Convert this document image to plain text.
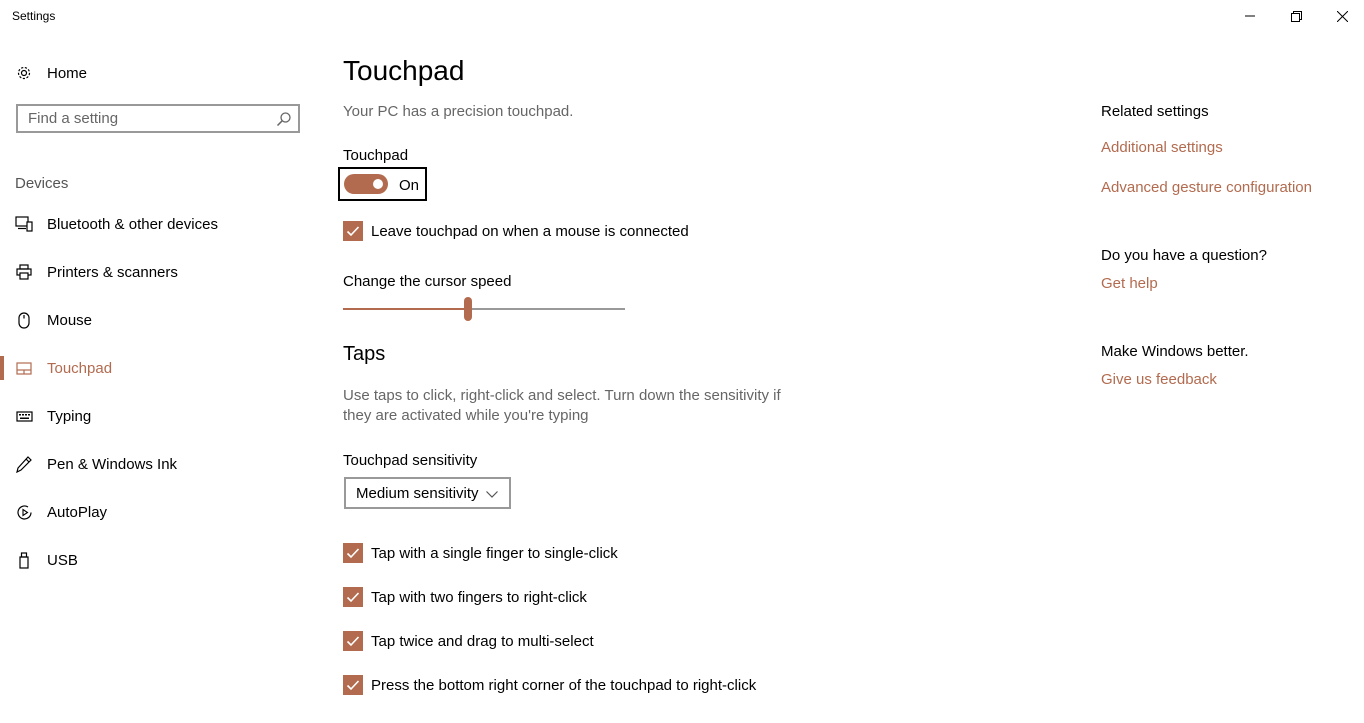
Settings
Home
Find a setting
Devices
Bluetooth & other devices
Printers & scanners
Mouse
Touchpad
Typing
Pen & Windows Ink
AutoPlay
USB
Touchpad
Your PC has a precision touchpad.
Touchpad
On
Leave touchpad on when a mouse is connected
Change the cursor speed
Taps
Use taps to click, right-click and select. Turn down the sensitivity if they are activated while you're typing
Touchpad sensitivity
Medium sensitivity
Tap with a single finger to single-click
Tap with two fingers to right-click
Tap twice and drag to multi-select
Press the bottom right corner of the touchpad to right-click
Related settings
Additional settings
Advanced gesture configuration
Do you have a question?
Get help
Make Windows better.
Give us feedback
